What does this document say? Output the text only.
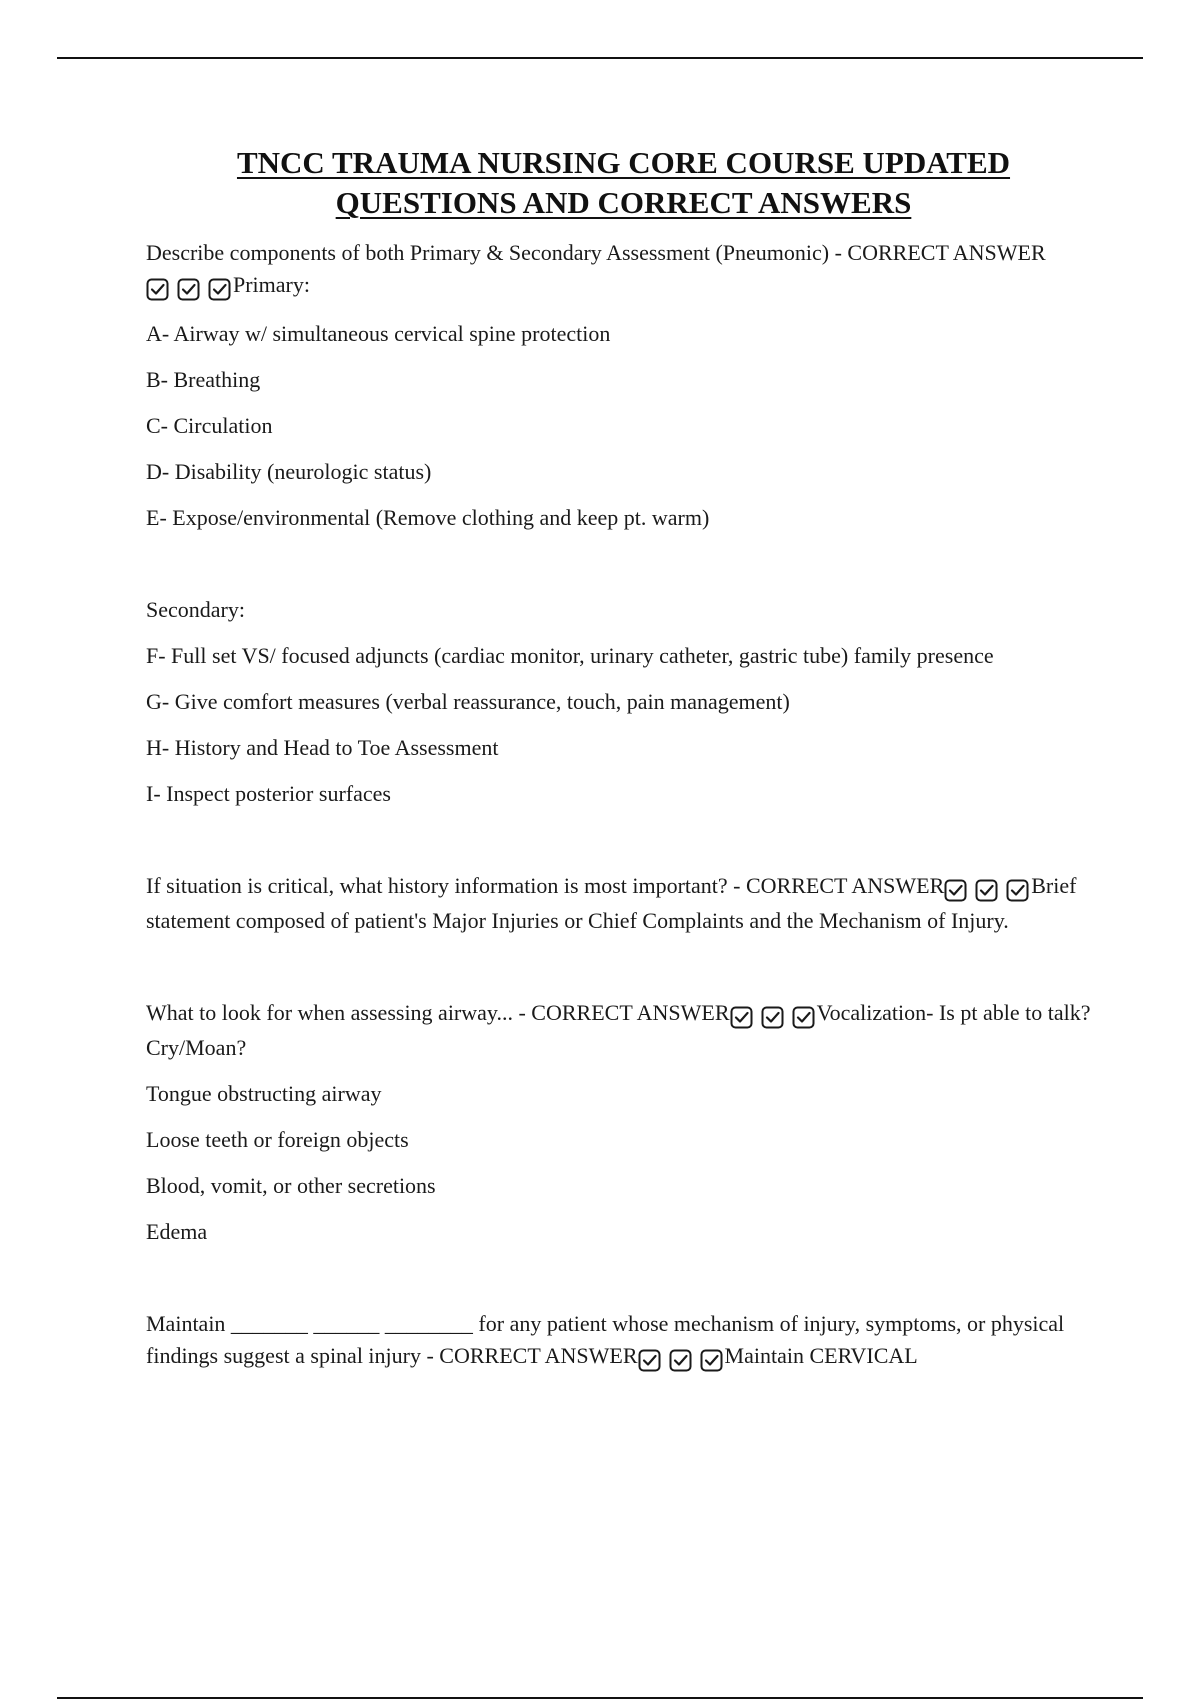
TNCC TRAUMA NURSING CORE COURSE UPDATED
QUESTIONS AND CORRECT ANSWERS

Describe components of both Primary & Secondary Assessment (Pneumonic) - CORRECT ANSWER
Primary:

A- Airway w/ simultaneous cervical spine protection

B- Breathing

C- Circulation

D- Disability (neurologic status)

E- Expose/environmental (Remove clothing and keep pt. warm)

Secondary:

F- Full set VS/ focused adjuncts (cardiac monitor, urinary catheter, gastric tube) family presence

G- Give comfort measures (verbal reassurance, touch, pain management)

H- History and Head to Toe Assessment

I- Inspect posterior surfaces

If situation is critical, what history information is most important? - CORRECT ANSWER	Brief statement composed of patient's Major Injuries or Chief Complaints and the Mechanism of Injury.

What to look for when assessing airway... - CORRECT ANSWER	Vocalization- Is pt able to talk? Cry/Moan?

Tongue obstructing airway

Loose teeth or foreign objects

Blood, vomit, or other secretions

Edema

Maintain _______ ______ ________ for any patient whose mechanism of injury, symptoms, or physical findings suggest a spinal injury - CORRECT ANSWER	Maintain CERVICAL
